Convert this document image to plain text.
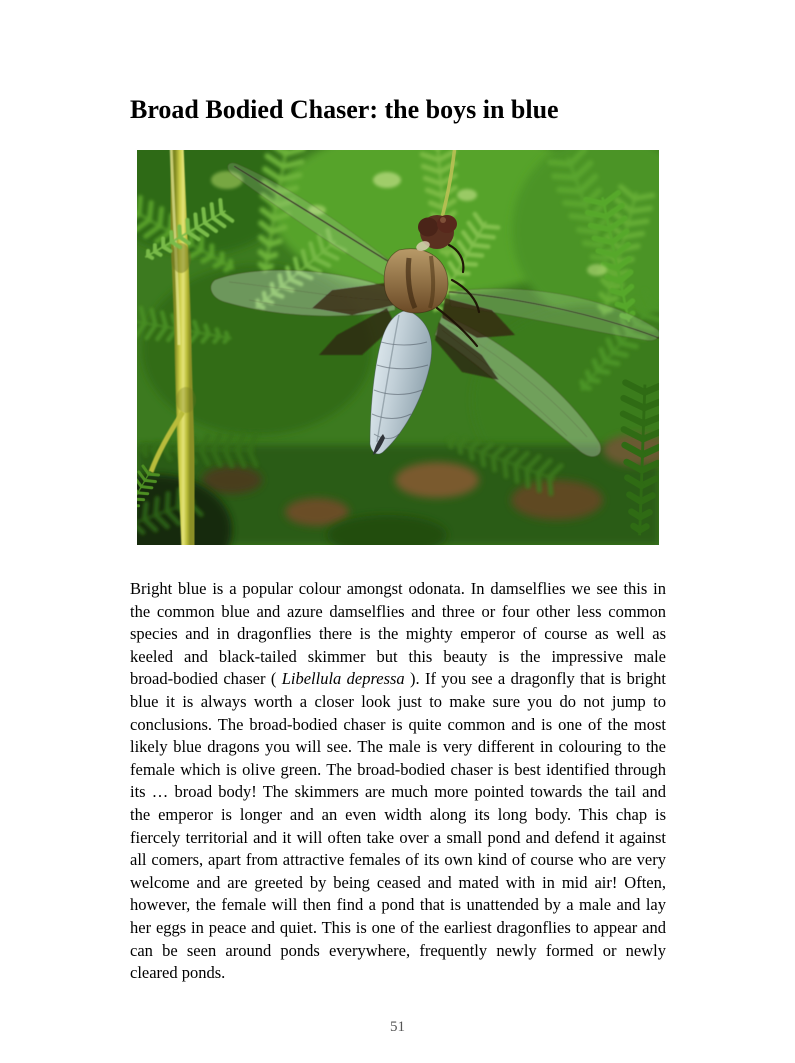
Broad Bodied Chaser: the boys in blue
Bright blue is a popular colour amongst odonata. In damselflies we see this in
the common blue and azure damselflies and three or four other less common
species and in dragonflies there is the mighty emperor of course as well as
keeled and black-tailed skimmer but this beauty is the impressive male
broad-bodied chaser ( Libellula depressa ). If you see a dragonfly that is bright
blue it is always worth a closer look just to make sure you do not jump to
conclusions. The broad-bodied chaser is quite common and is one of the most
likely blue dragons you will see. The male is very different in colouring to the
female which is olive green. The broad-bodied chaser is best identified through
its … broad body! The skimmers are much more pointed towards the tail and
the emperor is longer and an even width along its long body. This chap is
fiercely territorial and it will often take over a small pond and defend it against
all comers, apart from attractive females of its own kind of course who are very
welcome and are greeted by being ceased and mated with in mid air! Often,
however, the female will then find a pond that is unattended by a male and lay
her eggs in peace and quiet. This is one of the earliest dragonflies to appear and
can be seen around ponds everywhere, frequently newly formed or newly
cleared ponds.
51
